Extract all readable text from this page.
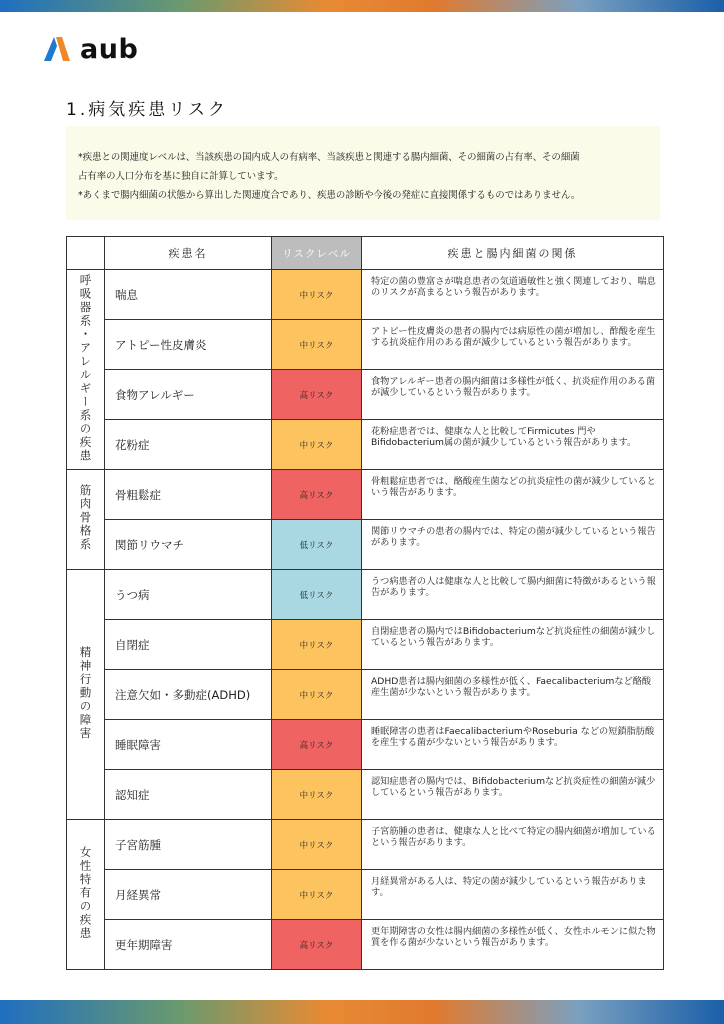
aub
1.病気疾患リスク

*疾患との関連度レベルは、当該疾患の国内成人の有病率、当該疾患と関連する腸内細菌、その細菌の占有率、その細菌

占有率の人口分布を基に独自に計算しています。

*あくまで腸内細菌の状態から算出した関連度合であり、疾患の診断や今後の発症に直接関係するものではありません。

	疾患名	リスクレベル	疾患と腸内細菌の関係
呼吸器系・アレルギー系の疾患	喘息	中リスク	特定の菌の豊富さが喘息患者の気道過敏性と強く関連しており、喘息のリスクが高まるという報告があります。
	アトピー性皮膚炎	中リスク	アトピー性皮膚炎の患者の腸内では病原性の菌が増加し、酢酸を産生する抗炎症作用のある菌が減少しているという報告があります。
	食物アレルギー	高リスク	食物アレルギー患者の腸内細菌は多様性が低く、抗炎症作用のある菌が減少しているという報告があります。
	花粉症	中リスク	花粉症患者では、健康な人と比較してFirmicutes 門やBifidobacterium属の菌が減少しているという報告があります。
筋肉骨格系	骨粗鬆症	高リスク	骨粗鬆症患者では、酪酸産生菌などの抗炎症性の菌が減少しているという報告があります。
	関節リウマチ	低リスク	関節リウマチの患者の腸内では、特定の菌が減少しているという報告があります。
精神行動の障害	うつ病	低リスク	うつ病患者の人は健康な人と比較して腸内細菌に特徴があるという報告があります。
	自閉症	中リスク	自閉症患者の腸内ではBifidobacteriumなど抗炎症性の細菌が減少しているという報告があります。
	注意欠如・多動症(ADHD)	中リスク	ADHD患者は腸内細菌の多様性が低く、Faecalibacteriumなど酪酸産生菌が少ないという報告があります。
	睡眠障害	高リスク	睡眠障害の患者はFaecalibacteriumやRoseburia などの短鎖脂肪酸を産生する菌が少ないという報告があります。
	認知症	中リスク	認知症患者の腸内では、Bifidobacteriumなど抗炎症性の細菌が減少しているという報告があります。
女性特有の疾患	子宮筋腫	中リスク	子宮筋腫の患者は、健康な人と比べて特定の腸内細菌が増加しているという報告があります。
	月経異常	中リスク	月経異常がある人は、特定の菌が減少しているという報告があります。
	更年期障害	高リスク	更年期障害の女性は腸内細菌の多様性が低く、女性ホルモンに似た物質を作る菌が少ないという報告があります。
